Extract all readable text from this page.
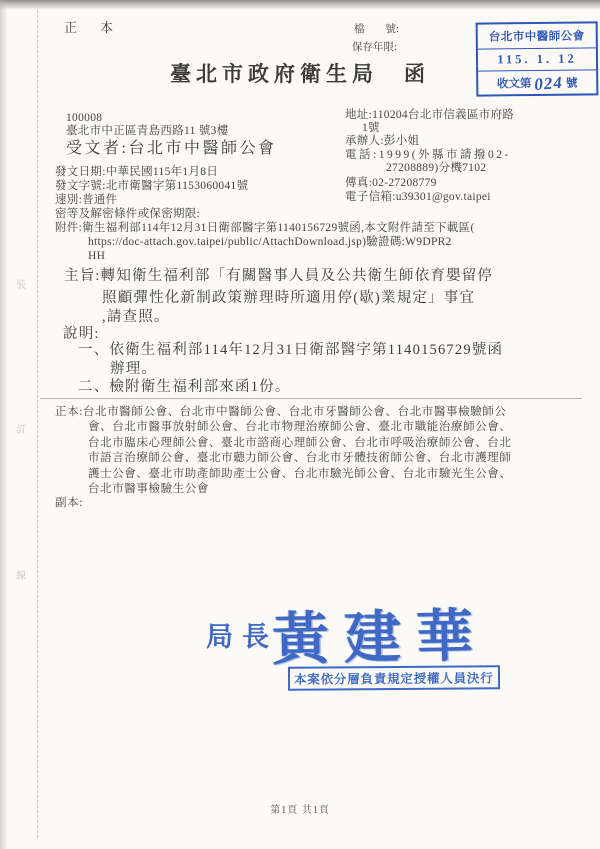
裝
訂
線
正　本	檔　　號:
保存年限:
臺北市政府衛生局　函
台北市中醫師公會
115. 1. 12
收文第 024 號
100008
臺北市中正區青島西路11 號3樓
受文者:台北市中醫師公會
地址:110204台北市信義區市府路
1號
承辦人:彭小姐
電話:1999(外縣市請撥02-
27208889)分機7102
傳真:02-27208779
電子信箱:u39301@gov.taipei
發文日期:中華民國115年1月8日
發文字號:北市衛醫字第1153060041號
速別:普通件
密等及解密條件或保密期限:
附件:衛生福利部114年12月31日衛部醫字第1140156729號函,本文附件請至下載區(
https://doc-attach.gov.taipei/public/AttachDownload.jsp)驗證碼:W9DPR2
HH
主旨:轉知衛生福利部「有關醫事人員及公共衛生師依育嬰留停
照顧彈性化新制政策辦理時所適用停(歇)業規定」事宜
,請查照。
說明:
一、依衛生福利部114年12月31日衛部醫字第1140156729號函
辦理。
二、檢附衛生福利部來函1份。
正本:台北市醫師公會、台北市中醫師公會、台北市牙醫師公會、台北市醫事檢驗師公
會、台北市醫事放射師公會、台北市物理治療師公會、臺北市職能治療師公會、
台北市臨床心理師公會、臺北市諮商心理師公會、台北市呼吸治療師公會、台北
市語言治療師公會、臺北市聽力師公會、台北市牙體技術師公會、台北市護理師
護士公會、臺北市助產師助產士公會、台北市驗光師公會、台北市驗光生公會、
台北市醫事檢驗生公會
副本:
局長
黃建華
本案依分層負責規定授權人員決行
第1頁 共1頁
